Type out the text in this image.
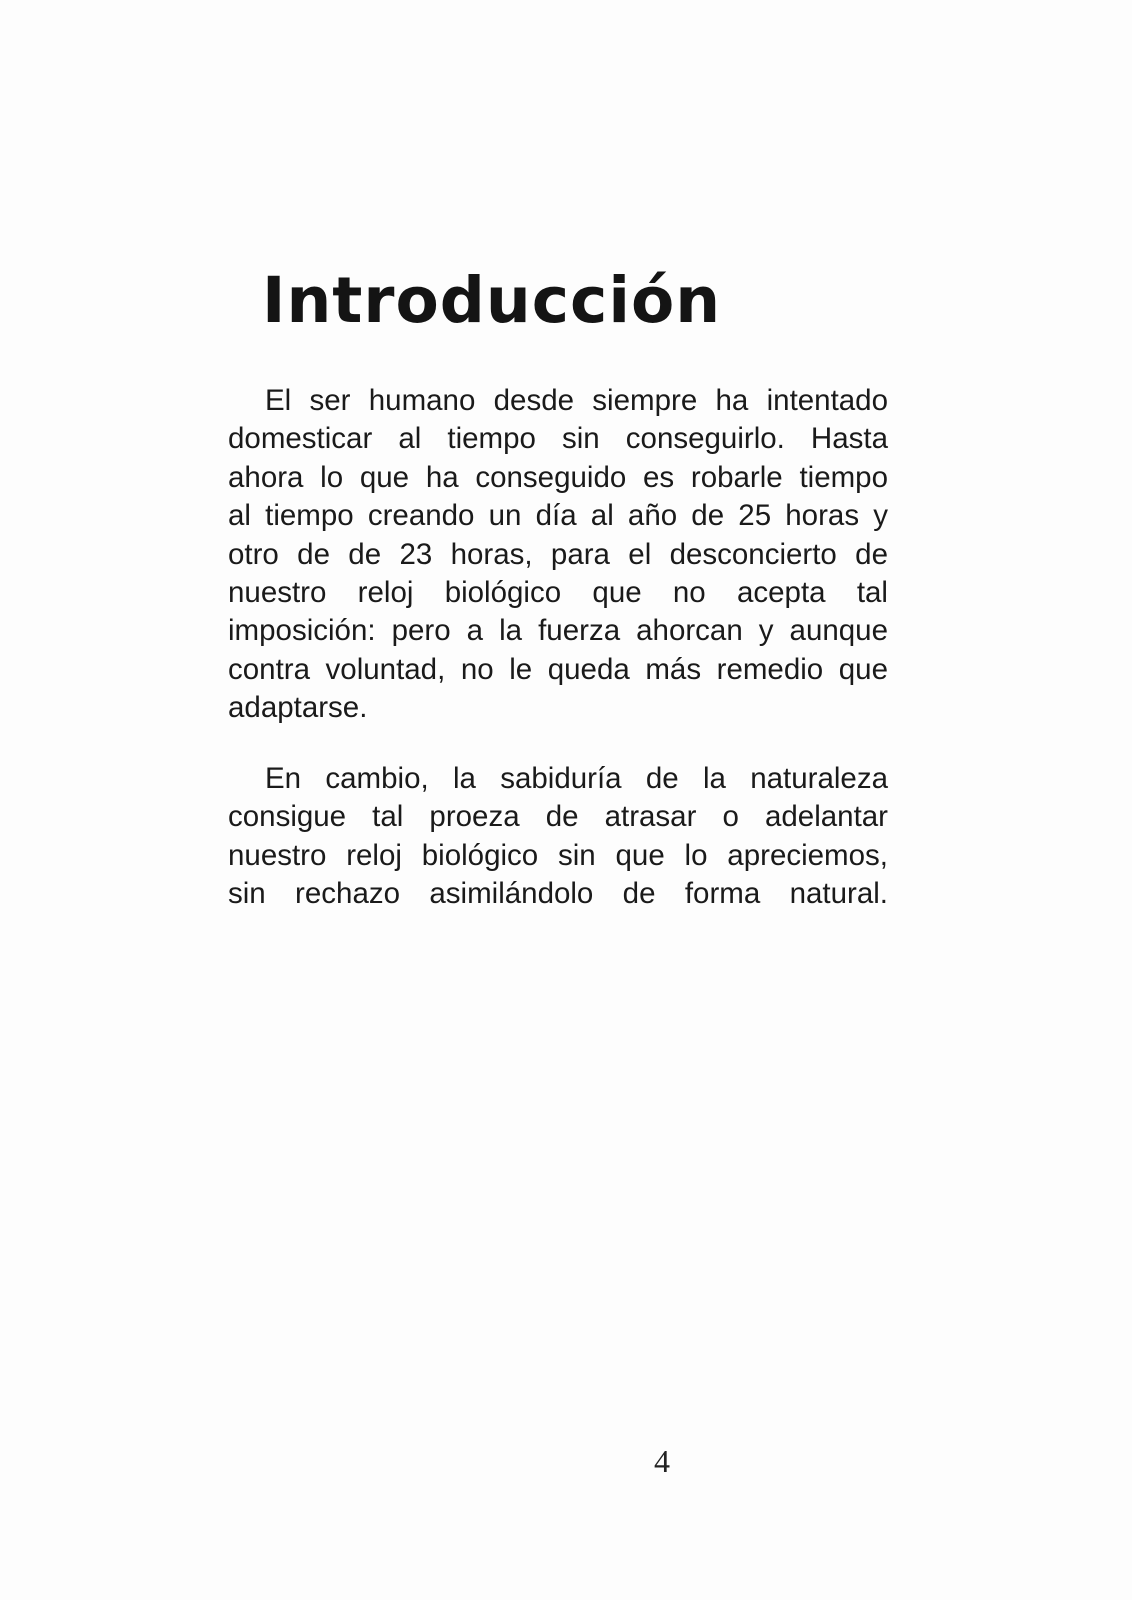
Introducción
El ser humano desde siempre ha intentado
domesticar al tiempo sin conseguirlo. Hasta
ahora lo que ha conseguido es robarle tiempo
al tiempo creando un día al año de 25 horas y
otro de de 23 horas, para el desconcierto de
nuestro reloj biológico que no acepta tal
imposición: pero a la fuerza ahorcan y aunque
contra voluntad, no le queda más remedio que
adaptarse.
En cambio, la sabiduría de la naturaleza
consigue tal proeza de atrasar o adelantar
nuestro reloj biológico sin que lo apreciemos,
sin rechazo asimilándolo de forma natural.
4
